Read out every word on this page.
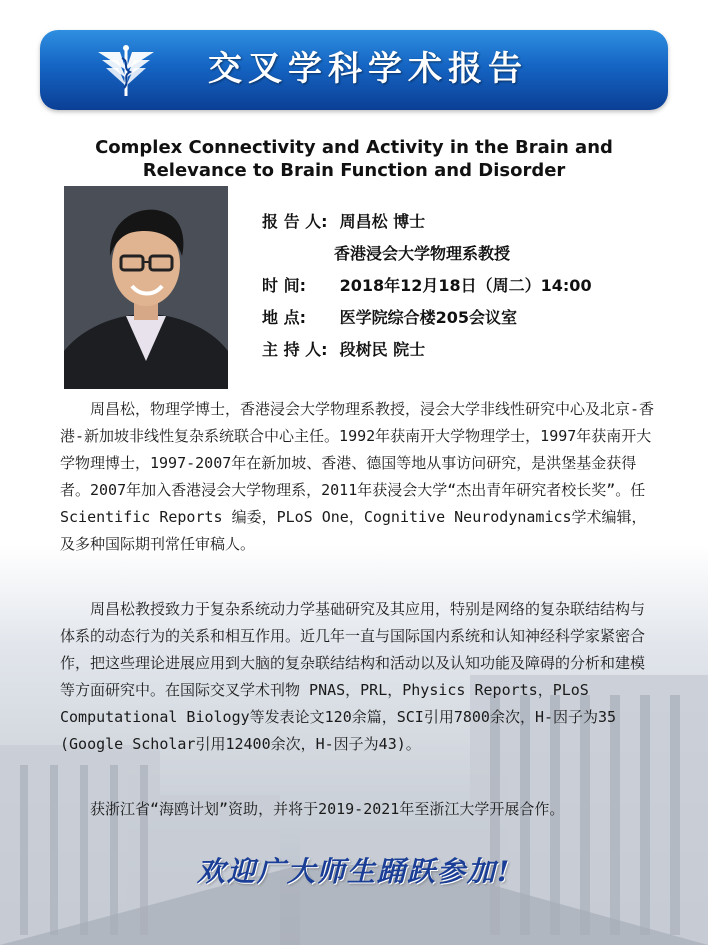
交叉学科学术报告
Complex Connectivity and Activity in the Brain and Relevance to Brain Function and Disorder
报 告 人: 周昌松 博士
香港浸会大学物理系教授
时 间: 2018年12月18日（周二）14:00
地 点: 医学院综合楼205会议室
主 持 人: 段树民 院士

周昌松，物理学博士，香港浸会大学物理系教授，浸会大学非线性研究中心及北京-香港-新加坡非线性复杂系统联合中心主任。1992年获南开大学物理学士，1997年获南开大学物理博士，1997-2007年在新加坡、香港、德国等地从事访问研究，是洪堡基金获得者。2007年加入香港浸会大学物理系，2011年获浸会大学“杰出青年研究者校长奖”。任Scientific Reports 编委，PLoS One，Cognitive Neurodynamics学术编辑，及多种国际期刊常任审稿人。

周昌松教授致力于复杂系统动力学基础研究及其应用，特别是网络的复杂联结结构与体系的动态行为的关系和相互作用。近几年一直与国际国内系统和认知神经科学家紧密合作，把这些理论进展应用到大脑的复杂联结结构和活动以及认知功能及障碍的分析和建模等方面研究中。在国际交叉学术刊物 PNAS，PRL，Physics Reports，PLoS Computational Biology等发表论文120余篇，SCI引用7800余次，H-因子为35 (Google Scholar引用12400余次，H-因子为43)。

获浙江省“海鸥计划”资助，并将于2019-2021年至浙江大学开展合作。

欢迎广大师生踊跃参加!
